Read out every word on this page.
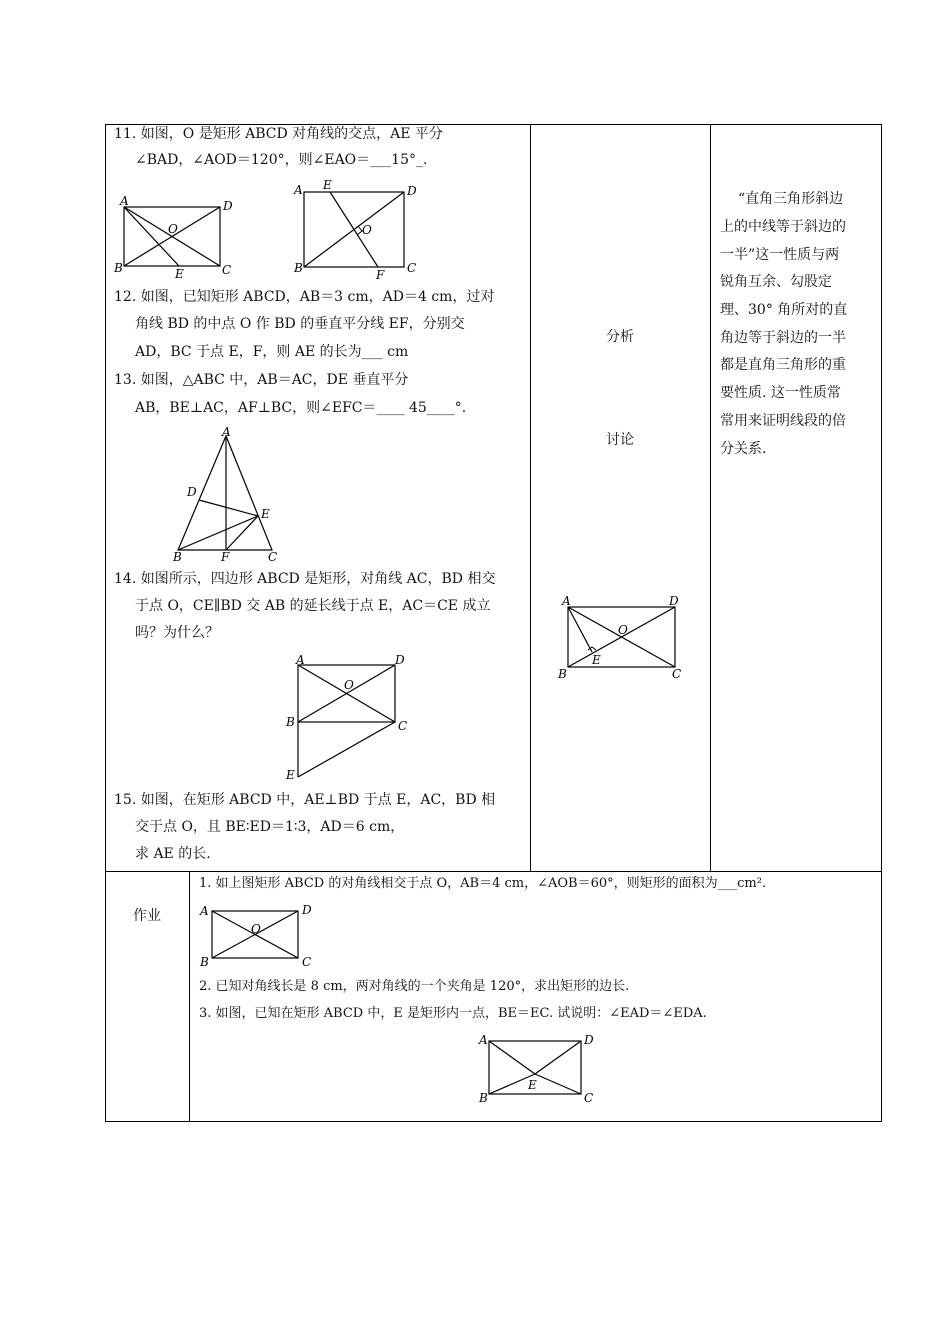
11. 如图，O 是矩形 ABCD 对角线的交点，AE 平分
∠BAD，∠AOD＝120°，则∠EAO＝___15°_.
A	D
B	C
O
E
A E	D
B	F C
O
12. 如图，已知矩形 ABCD，AB＝3 cm，AD＝4 cm，过对
角线 BD 的中点 O 作 BD 的垂直平分线 EF，分别交
AD，BC 于点 E，F，则 AE 的长为___ cm
13. 如图，△ABC 中，AB＝AC，DE 垂直平分
AB，BE⊥AC，AF⊥BC，则∠EFC＝____ 45____°.
A
D
E
B	F	C
14. 如图所示，四边形 ABCD 是矩形，对角线 AC，BD 相交
于点 O，CE∥BD 交 AB 的延长线于点 E，AC＝CE 成立
吗？为什么？
A	D
O
B	C
E
15. 如图，在矩形 ABCD 中，AE⊥BD 于点 E，AC，BD 相
交于点 O，且 BE∶ED＝1∶3，AD＝6 cm，
求 AE 的长.
分析
讨论
A	D
O
E
B	C
“直角三角形斜边
上的中线等于斜边的
一半”这一性质与两
锐角互余、勾股定
理、30° 角所对的直
角边等于斜边的一半
都是直角三角形的重
要性质. 这一性质常
常用来证明线段的倍
分关系.
作业
1. 如上图矩形 ABCD 的对角线相交于点 O，AB＝4 cm，∠AOB＝60°，则矩形的面积为___cm².
A	D
O
B	C
2. 已知对角线长是 8 cm，两对角线的一个夹角是 120°，求出矩形的边长.
3. 如图，已知在矩形 ABCD 中，E 是矩形内一点，BE＝EC. 试说明：∠EAD＝∠EDA.
A	D
E
B	C
